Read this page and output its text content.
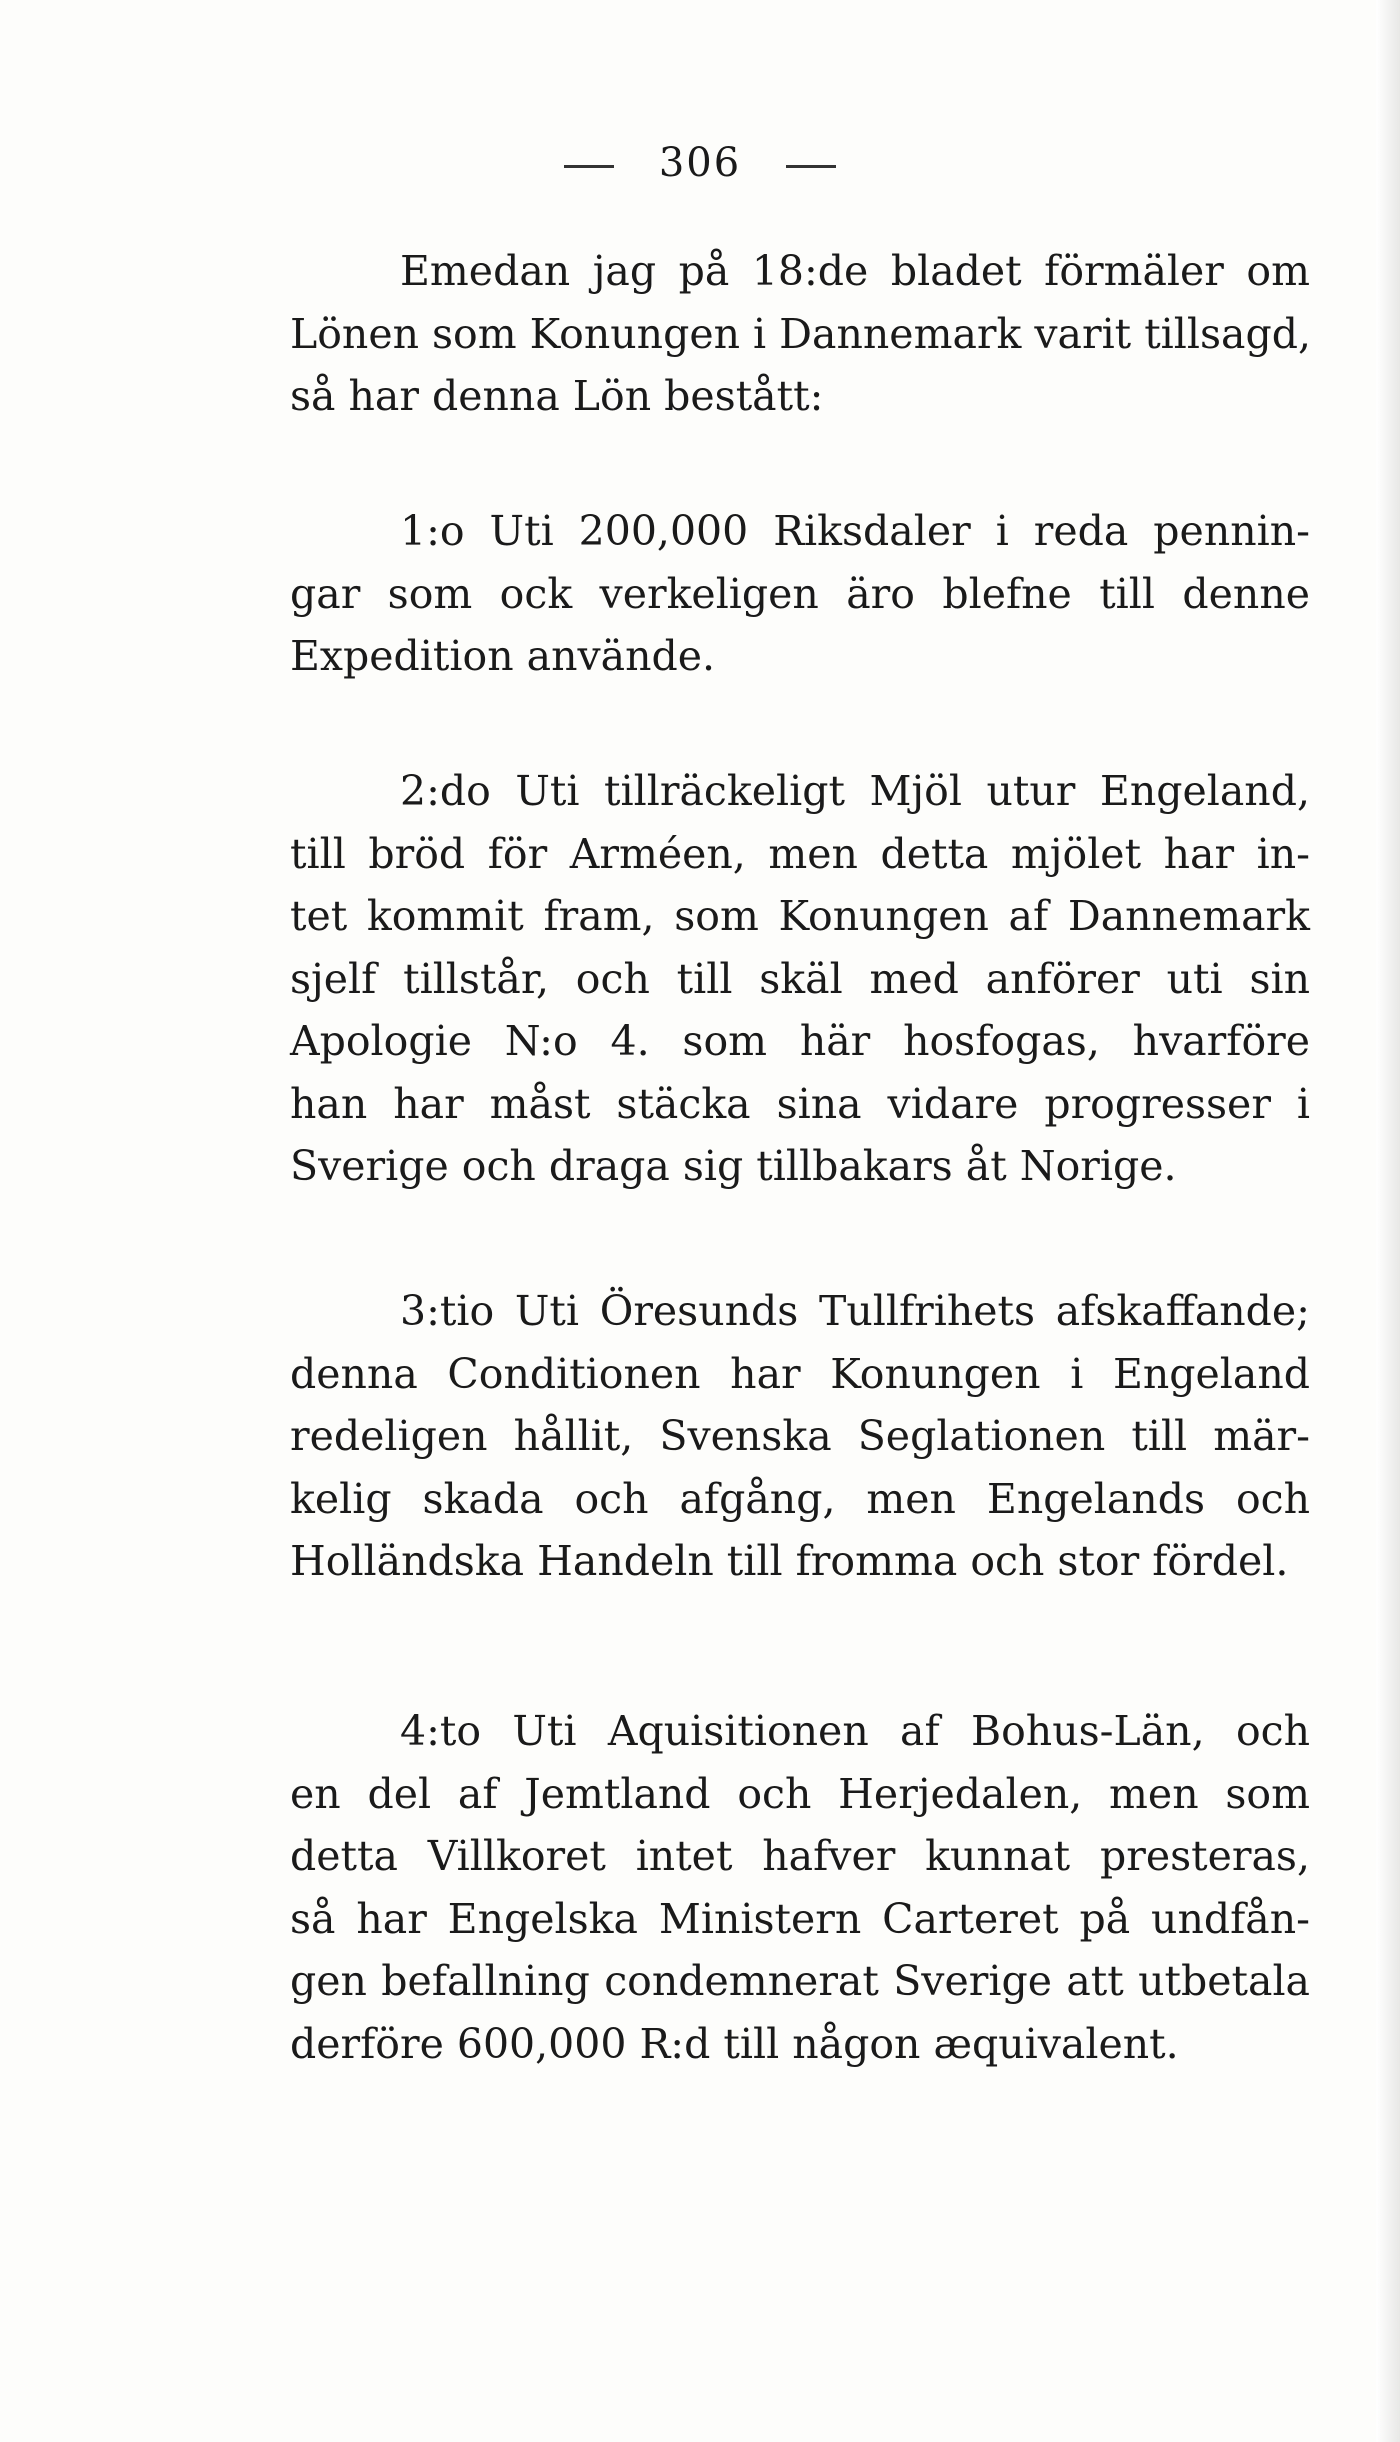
306
Emedan jag på 18:de bladet förmäler om
Lönen som Konungen i Dannemark varit tillsagd,
så har denna Lön bestått:
1:o Uti 200,000 Riksdaler i reda pennin-
gar som ock verkeligen äro blefne till denne
Expedition använde.
2:do Uti tillräckeligt Mjöl utur Engeland,
till bröd för Arméen, men detta mjölet har in-
tet kommit fram, som Konungen af Dannemark
sjelf tillstår, och till skäl med anförer uti sin
Apologie N:o 4. som här hosfogas, hvarföre
han har måst stäcka sina vidare progresser i
Sverige och draga sig tillbakars åt Norige.
3:tio Uti Öresunds Tullfrihets afskaffande;
denna Conditionen har Konungen i Engeland
redeligen hållit, Svenska Seglationen till mär-
kelig skada och afgång, men Engelands och
Holländska Handeln till fromma och stor fördel.
4:to Uti Aquisitionen af Bohus-Län, och
en del af Jemtland och Herjedalen, men som
detta Villkoret intet hafver kunnat presteras,
så har Engelska Ministern Carteret på undfån-
gen befallning condemnerat Sverige att utbetala
derföre 600,000 R:d till någon æquivalent.
